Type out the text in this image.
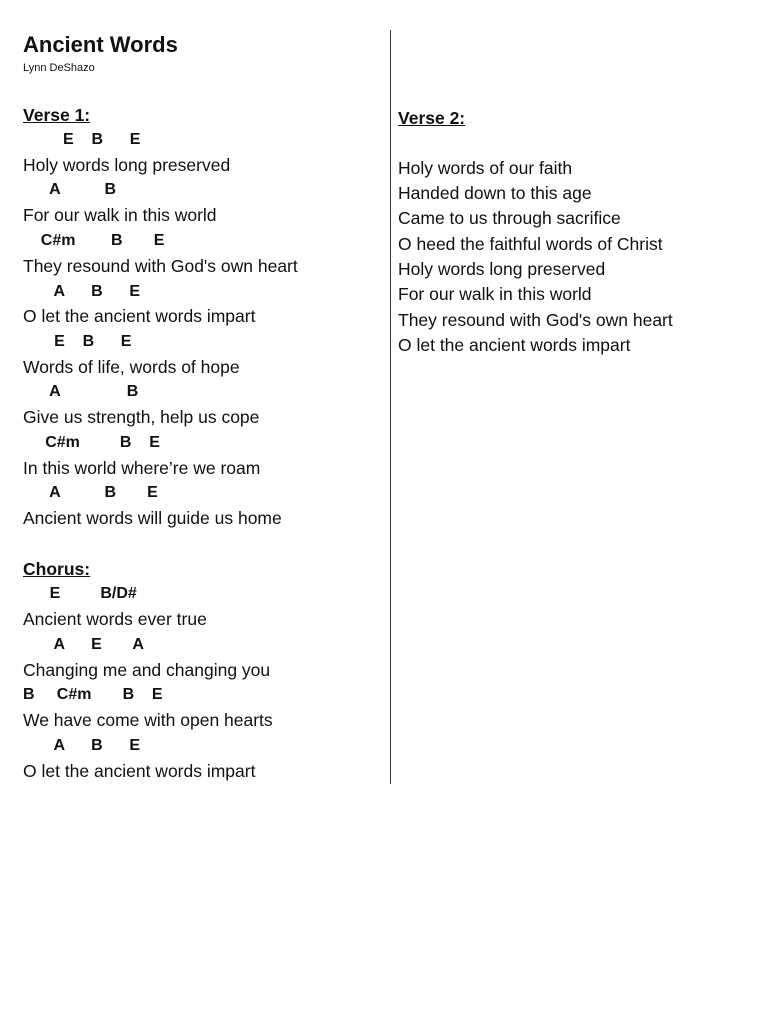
Ancient Words
Lynn DeShazo
Verse 1:
E    B      E
Holy words long preserved
A          B
For our walk in this world
C#m        B       E
They resound with God's own heart
A      B      E
O let the ancient words impart
E    B      E
Words of life, words of hope
A               B
Give us strength, help us cope
C#m         B    E
In this world where’re we roam
A          B       E
Ancient words will guide us home
Chorus:
E         B/D#
Ancient words ever true
A      E       A
Changing me and changing you
B     C#m       B    E
We have come with open hearts
A      B      E
O let the ancient words impart
Verse 2:
Holy words of our faith
Handed down to this age
Came to us through sacrifice
O heed the faithful words of Christ
Holy words long preserved
For our walk in this world
They resound with God's own heart
O let the ancient words impart
